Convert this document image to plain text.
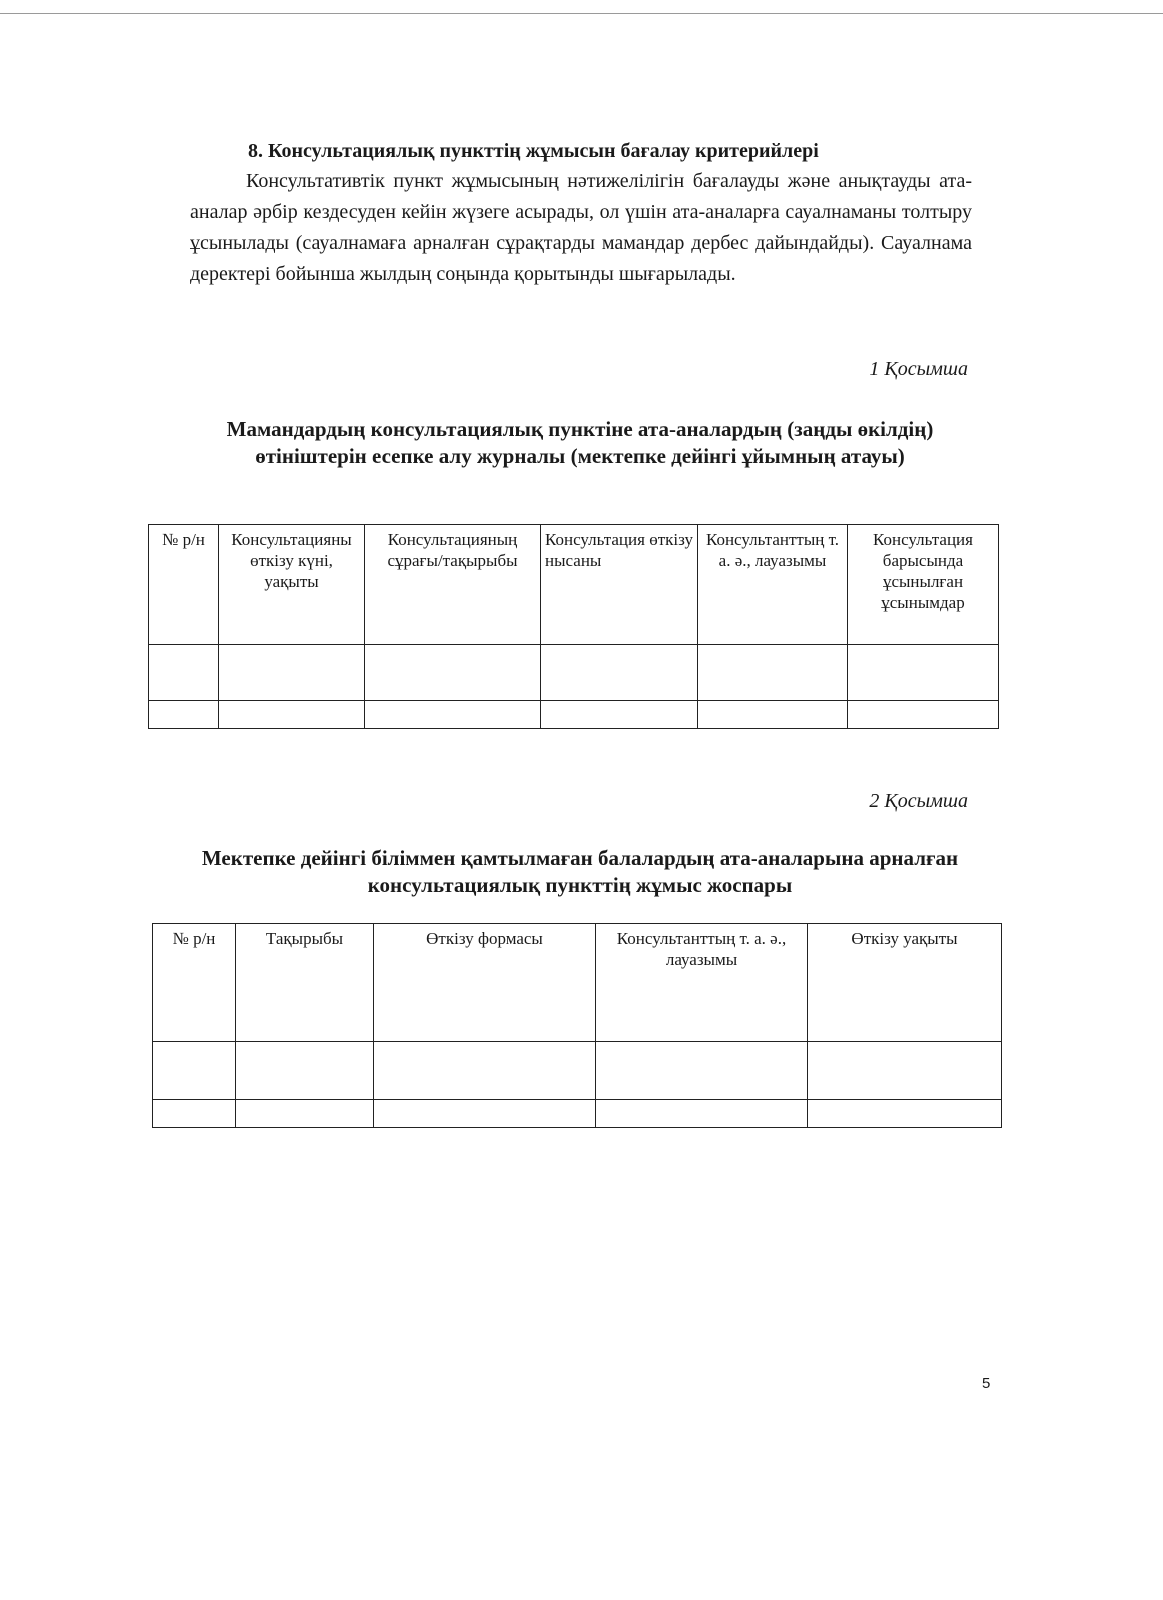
8. Консультациялық пункттің жұмысын бағалау критерийлері

Консультативтік пункт жұмысының нәтижелілігін бағалауды және анықтауды ата-аналар әрбір кездесуден кейін жүзеге асырады, ол үшін ата-аналарға сауалнаманы толтыру ұсынылады (сауалнамаға арналған сұрақтарды мамандар дербес дайындайды). Сауалнама деректері бойынша жылдың соңында қорытынды шығарылады.

1 Қосымша
Мамандардың консультациялық пунктіне ата-аналардың (заңды өкілдің) өтініштерін есепке алу журналы (мектепке дейінгі ұйымның атауы)
№ р/н	Консультацияны өткізу күні, уақыты	Консультацияның сұрағы/тақырыбы	Консультация өткізу нысаны	Консультанттың т. а. ә., лауазымы	Консультация барысында ұсынылған ұсынымдар

2 Қосымша
Мектепке дейінгі біліммен қамтылмаған балалардың ата-аналарына арналған консультациялық пункттің жұмыс жоспары
№ р/н	Тақырыбы	Өткізу формасы	Консультанттың т. а. ә., лауазымы	Өткізу уақыты

5
